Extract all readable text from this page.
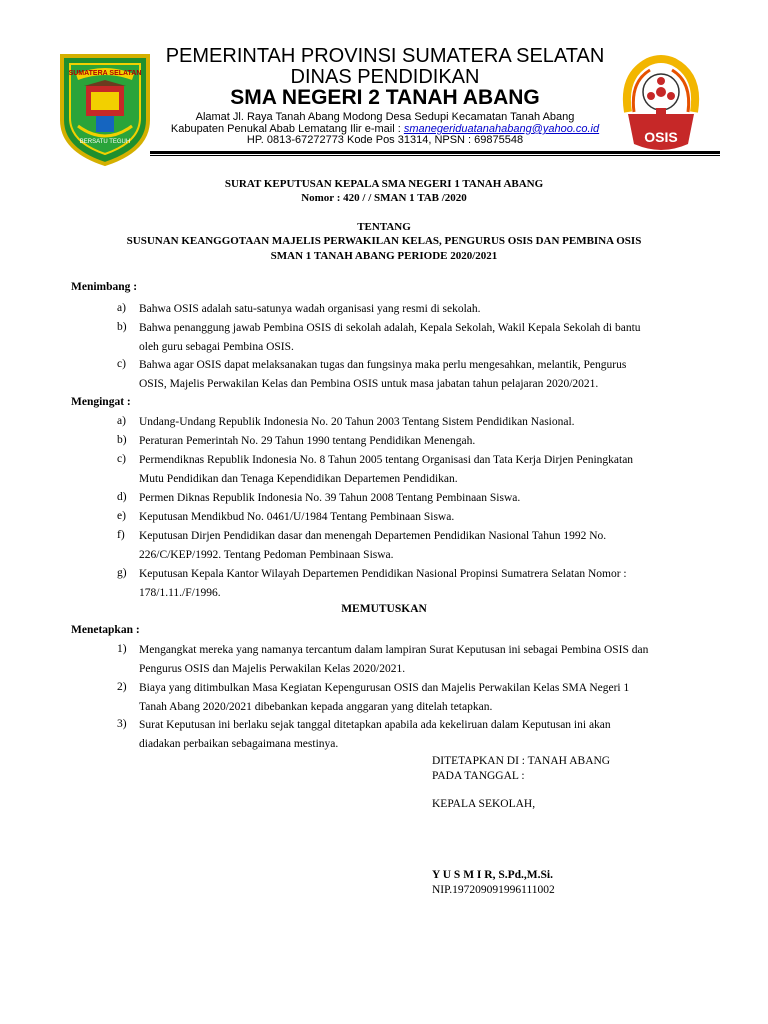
SUMATERA SELATAN
BERSATU TEGUH
PEMERINTAH PROVINSI SUMATERA SELATAN
DINAS PENDIDIKAN
SMA NEGERI 2 TANAH ABANG
Alamat Jl. Raya Tanah Abang Modong Desa Sedupi Kecamatan Tanah Abang
Kabupaten Penukal Abab Lematang Ilir e-mail : smanegeriduatanahabang@yahoo.co.id
HP. 0813-67272773 Kode Pos 31314, NPSN : 69875548	OSIS
SURAT KEPUTUSAN KEPALA SMA NEGERI 1 TANAH ABANG
Nomor : 420 / / SMAN 1 TAB /2020
TENTANG
SUSUNAN KEANGGOTAAN MAJELIS PERWAKILAN KELAS, PENGURUS OSIS DAN PEMBINA OSIS
SMAN 1 TANAH ABANG PERIODE 2020/2021
Menimbang :
a) Bahwa OSIS adalah satu-satunya wadah organisasi yang resmi di sekolah.
b) Bahwa penanggung jawab Pembina OSIS di sekolah adalah, Kepala Sekolah, Wakil Kepala Sekolah di bantu
oleh guru sebagai Pembina OSIS.
c) Bahwa agar OSIS dapat melaksanakan tugas dan fungsinya maka perlu mengesahkan, melantik, Pengurus
OSIS, Majelis Perwakilan Kelas dan Pembina OSIS untuk masa jabatan tahun pelajaran 2020/2021.
Mengingat :
a) Undang-Undang Republik Indonesia No. 20 Tahun 2003 Tentang Sistem Pendidikan Nasional.
b) Peraturan Pemerintah No. 29 Tahun 1990 tentang Pendidikan Menengah.
c) Permendiknas Republik Indonesia No. 8 Tahun 2005 tentang Organisasi dan Tata Kerja Dirjen Peningkatan
Mutu Pendidikan dan Tenaga Kependidikan Departemen Pendidikan.
d) Permen Diknas Republik Indonesia No. 39 Tahun 2008 Tentang Pembinaan Siswa.
e) Keputusan Mendikbud No. 0461/U/1984 Tentang Pembinaan Siswa.
f) Keputusan Dirjen Pendidikan dasar dan menengah Departemen Pendidikan Nasional Tahun 1992 No.
226/C/KEP/1992. Tentang Pedoman Pembinaan Siswa.
g) Keputusan Kepala Kantor Wilayah Departemen Pendidikan Nasional Propinsi Sumatrera Selatan Nomor :
178/1.11./F/1996.
MEMUTUSKAN
Menetapkan :
1) Mengangkat mereka yang namanya tercantum dalam lampiran Surat Keputusan ini sebagai Pembina OSIS dan
Pengurus OSIS dan Majelis Perwakilan Kelas 2020/2021.
2) Biaya yang ditimbulkan Masa Kegiatan Kepengurusan OSIS dan Majelis Perwakilan Kelas SMA Negeri 1
Tanah Abang 2020/2021 dibebankan kepada anggaran yang ditelah tetapkan.
3) Surat Keputusan ini berlaku sejak tanggal ditetapkan apabila ada kekeliruan dalam Keputusan ini akan
diadakan perbaikan sebagaimana mestinya.
DITETAPKAN DI : TANAH ABANG
PADA TANGGAL :
KEPALA SEKOLAH,
Y U S M I R, S.Pd.,M.Si.
NIP.197209091996111002
